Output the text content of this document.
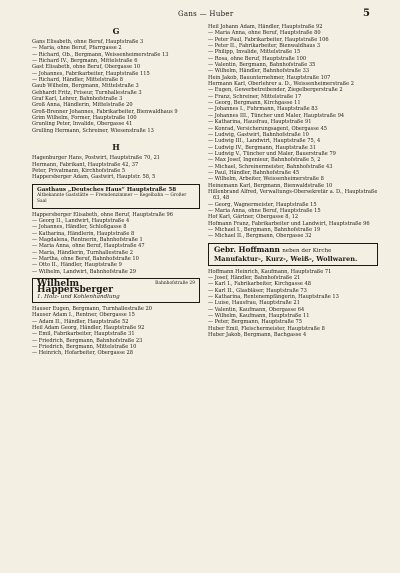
Gans — Huber	5
G
Gans Elisabeth, ohne Beruf, Hauptstraße 3
— Maria, ohne Beruf, Pfarrgasse 2
— Richard, Ob., Bergmann, Weissenheimerstraße 13
— Richard IV., Bergmann, Mittelstraße 6
Gast Elisabeth, ohne Beruf, Obergasse 10
— Johannes, Fabrikarbeiter, Hauptstraße 115
— Richard, Händler, Mittelstraße 8
Gaub Wilhelm, Bergmann, Mittelstraße 3
Gebhardt Fritz, Friseur, Turnhallestraße 3
Graf Karl, Lehrer, Bahnhofstraße 3
Groß Anna, Händlerin, Mittelstraße 20
Groß-Brenner Johannes, Fabrikarbeiter, Bienwaldhaus 9
Grim Wilhelm, Former, Hauptstraße 100
Grunling Peter, Invalide, Obergasse 41
Grulling Hermann, Schreiner, Wiesenstraße 13
H
Hagenburger Hans, Postwirt, Hauptstraße 70, 21
Hermann, Fabrikant, Hauptstraße 42, 37
Peter, Privatmann, Kirchhofstraße 5
Happersberger Adam, Gastwirt, Hauptstr. 58, 5
Gasthaus „Deutsches Haus“ Hauptstraße 58
Altbekannte Gaststätte — Fremdenzimmer — Kegelbahn — Großer Saal
Happersberger Elisabeth, ohne Beruf, Hauptstraße 96
— Georg II., Landwirt, Hauptstraße 4
— Johannes, Händler, Schloßgasse 8
— Katharina, Händlerin, Hauptstraße 8
— Magdalena, Rentnerin, Bahnhofstraße 1
— Maria Anna, ohne Beruf, Hauptstraße 47
— Maria, Händlerin, Turnhallestraße 2
— Martha, ohne Beruf, Bahnhofstraße 10
— Otto II., Händler, Hauptstraße 9
— Wilhelm, Landwirt, Bahnhofstraße 29
Bahnhofstraße 29
Wilhelm Happersberger
1. Holz- und Kohlenhandlung
Hauser Eugen, Bergmann, Turnhallestraße 20
Hauser Adam I., Rentner, Obergasse 15
— Adam II., Händler, Hauptstraße 52
Heil Adam Georg, Händler, Hauptstraße 92
— Emil, Fabrikarbeiter, Hauptstraße 31
— Friedrich, Bergmann, Bahnhofstraße 23
— Friedrich, Bergmann, Mittelstraße 10
— Heinrich, Hofarbeiter, Obergasse 28
Heil Johann Adam, Händler, Hauptstraße 92
— Maria Anna, ohne Beruf, Hauptstraße 80
— Peter Paul, Fabrikarbeiter, Hauptstraße 106
— Peter II., Fabrikarbeiter, Bienwaldhaus 3
— Philipp, Invalide, Mittelstraße 15
— Rosa, ohne Beruf, Hauptstraße 100
— Valentin, Bergmann, Bahnhofstraße 35
— Wilhelm, Händler, Bahnhofstraße 33
Hein Jakob, Bauunternehmer, Hauptstraße 107
Hermann Karl, Oberlehrer a. D., Weissenheimerstraße 2
— Eugen, Gewerbetreibender, Ziegelbergerstraße 2
— Franz, Schreiner, Mittelstraße 17
— Georg, Bergmann, Kirchgasse 11
— Johannes I., Fuhrmann, Hauptstraße 83
— Johannes III., Tüncher und Maler, Hauptstraße 94
— Katharina, Hausfrau, Hauptstraße 91
— Konrad, Versicherungsagent, Obergasse 45
— Ludwig, Gastwirt, Bahnhofstraße 10
— Ludwig III., Landwirt, Hauptstraße 75, 4
— Ludwig IV., Bergmann, Hauptstraße 31
— Ludwig V., Tüncher und Maler, Bauerstraße 79
— Max Josef, Ingenieur, Bahnhofstraße 5, 2
— Michael, Schreinermeister, Bahnhofstraße 43
— Paul, Händler, Bahnhofstraße 45
— Wilhelm, Arbeiter, Weissenheimerstraße 8
Heinemann Karl, Bergmann, Bienwaldstraße 10
Hillenbrand Alfred, Verwaltungs-Obersekretär a. D., Hauptstraße 63, 48
— Georg, Wagnermeister, Hauptstraße 15
— Maria Anna, ohne Beruf, Hauptstraße 15
Hof Karl, Gärtner, Obergasse 8, 12
Hofmann Franz, Fabrikarbeiter und Landwirt, Hauptstraße 96
— Michael I., Bergmann, Bahnhofstraße 19
— Michael II., Bergmann, Obergasse 32
Gebr. Hoffmann neben der Kirche
Manufaktur-, Kurz-, Weiß-, Wollwaren.
Hoffmann Heinrich, Kaufmann, Hauptstraße 71
— Josef, Händler, Bahnhofstraße 21
— Karl I., Fabrikarbeiter, Kirchgasse 48
— Karl II., Glasbläser, Hauptstraße 73
— Katharina, Rentenempfängerin, Hauptstraße 13
— Luise, Hausfrau, Hauptstraße 21
— Valentin, Kaufmann, Obergasse 64
— Wilhelm, Kaufmann, Hauptstraße 11
— Peter, Bergmann, Hauptstraße 75
Huber Emil, Fleischermeister, Hauptstraße 8
Huber Jakob, Bergmann, Bachgasse 4
